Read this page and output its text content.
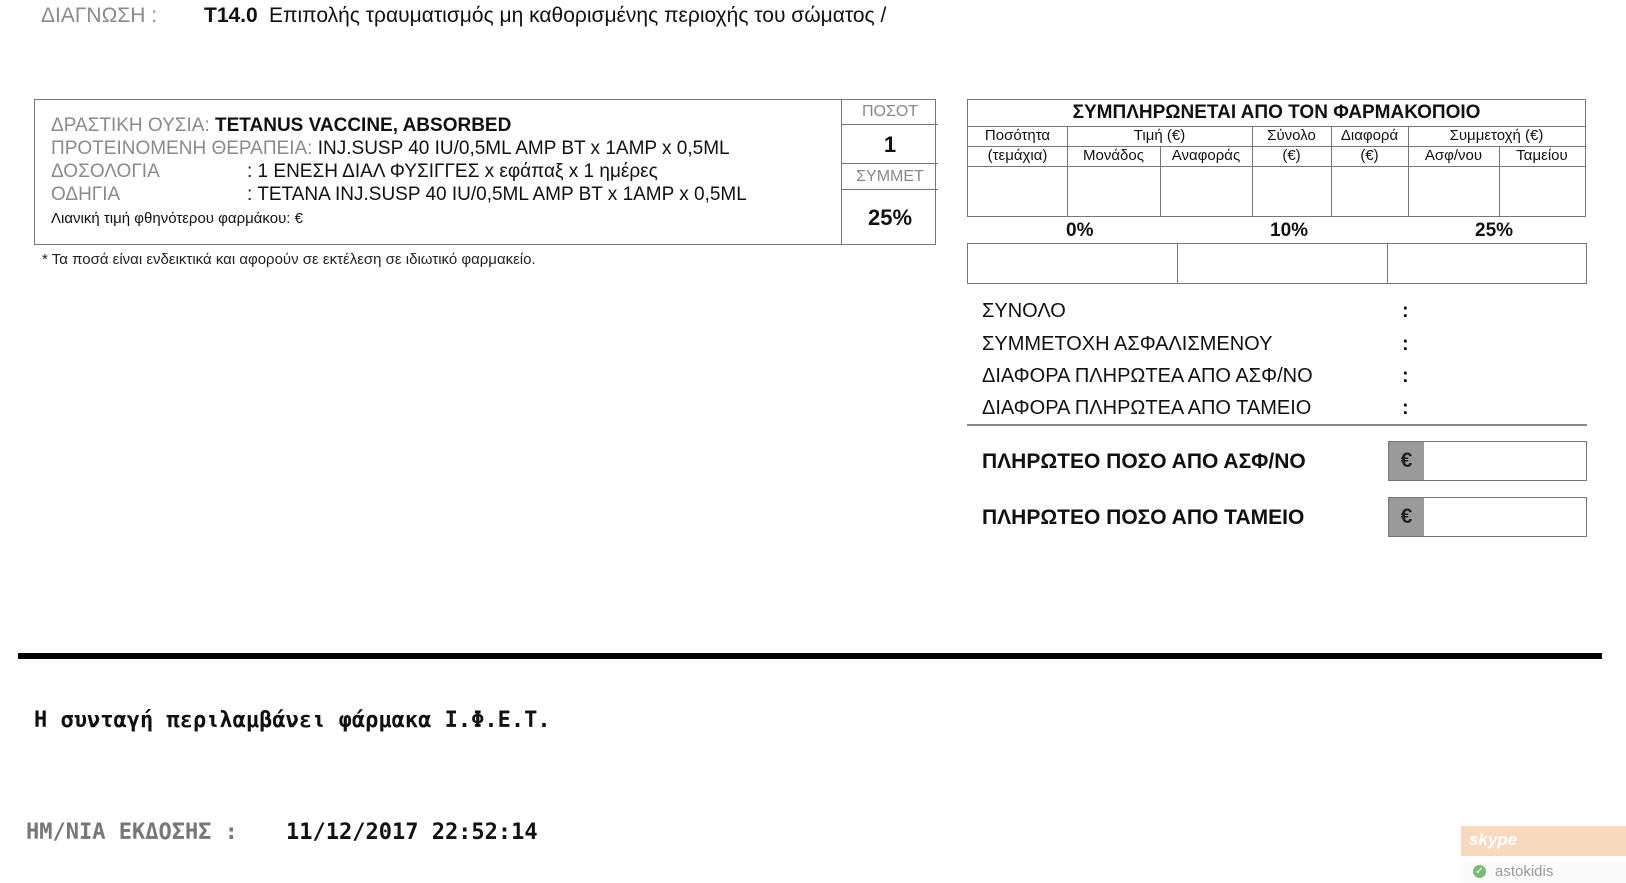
ΔΙΑΓΝΩΣΗ : T14.0 Επιπολής τραυματισμός μη καθορισμένης περιοχής του σώματος /
ΔΡΑΣΤΙΚΗ ΟΥΣΙΑ: TETANUS VACCINE, ABSORBED
ΠΡΟΤΕΙΝΟΜΕΝΗ ΘΕΡΑΠΕΙΑ: INJ.SUSP 40 IU/0,5ML AMP BT x 1AMP x 0,5ML
ΔΟΣΟΛΟΓΙΑ	: 1 ΕΝΕΣΗ ΔΙΑΛ ΦΥΣΙΓΓΕΣ x εφάπαξ x 1 ημέρες
ΟΔΗΓΙΑ	: TETANA INJ.SUSP 40 IU/0,5ML AMP BT x 1AMP x 0,5ML
Λιανική τιμή φθηνότερου φαρμάκου: €
ΠΟΣΟΤ
1
ΣΥΜΜΕΤ
25%
* Τα ποσά είναι ενδεικτικά και αφορούν σε εκτέλεση σε ιδιωτικό φαρμακείο.
ΣΥΜΠΛΗΡΩΝΕΤΑΙ ΑΠΟ ΤΟΝ ΦΑΡΜΑΚΟΠΟΙΟ
Ποσότητα	Τιμή (€)	Σύνολο	Διαφορά	Συμμετοχή (€)
(τεμάχια)	Μονάδος	Αναφοράς	(€)	(€)	Ασφ/νου	Ταμείου
0%	10%	25%
ΣΥΝΟΛΟ	:
ΣΥΜΜΕΤΟΧΗ ΑΣΦΑΛΙΣΜΕΝΟΥ	:
ΔΙΑΦΟΡΑ ΠΛΗΡΩΤΕΑ ΑΠΟ ΑΣΦ/ΝΟ	:
ΔΙΑΦΟΡΑ ΠΛΗΡΩΤΕΑ ΑΠΟ ΤΑΜΕΙΟ	:
ΠΛΗΡΩΤΕΟ ΠΟΣΟ ΑΠΟ ΑΣΦ/ΝΟ	€
ΠΛΗΡΩΤΕΟ ΠΟΣΟ ΑΠΟ ΤΑΜΕΙΟ	€
Η συνταγή περιλαμβάνει φάρμακα Ι.Φ.Ε.Τ.
ΗΜ/ΝΙΑ ΕΚΔΟΣΗΣ : 11/12/2017 22:52:14	skype
✓ astokidis
